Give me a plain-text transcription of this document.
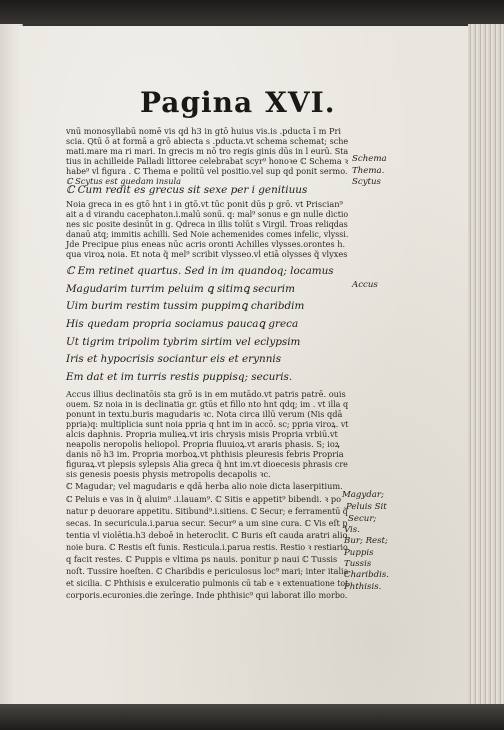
Pagina XVI.
vnū monosyllabū nomē vis qd h3 in gtō huius vis.is .pducta ī m Pri
scia. Qtū ō at formā a grō abiecta s .pducta.vt schema schemat; sche
mati.mare ma ri mari. In grecis m nō tro regis ginis dūs in l eurū. Sta
tius in achilleide Palladi littoree celebrabat scyr⁹ honoꝛe ℂ Schema ꝛ
habe⁹ vl figura . ℂ Thema e politū vel positio.vel sup qd ponit sermo.
ℂ Scytus est quedam insula
ℂ Cum redit es grecus sit sexe per i genitiuus
Noia greca in es gtō hnt i in gtō.vt tūc ponit dūs p grō. vt Priscian⁹
ait a d virandu cacephaton.i.malū sonū. q: mal⁹ sonus e gn nulle dictio
nes sic posite desinūt in g. Qdreca in illis tolūt s Virgil. Troas reliqdas
danaū atq; immitis achilli. Sed Noie achemenides comes infelic, vlyssi.
Jde Precipue pius eneas nūc acris oronti Achilles vlysses.orontes h.
qua viroꝝ noia. Et nota q̃ mel⁹ scribit vlysseo.vl etiā olysses q̃ vlyxes
ℂ Em retinet quartus. Sed in im quandoq; locamus
Magudarim turrim peluim ꝗ sitimꝗ securim
Uim burim restim tussim puppimꝗ charibdim
His quedam propria sociamus paucaꝗ greca
Ut tigrim tripolim tybrim sirtim vel eclypsim
Iris et hypocrisis sociantur eis et erynnis
Em dat et im turris restis puppisq; securis.
Accus illius declinatōis sta grō is in em mutādo.vt patris patrē. ouis
ouem. Sz noia in is declinatia gr. gtūs et fillo nto hnt qdq; im . vt illa q
ponunt in textu.buris magudaris ꝛc. Nota circa illū verum (Nis qdā
ppria)q: multiplicia sunt noia ppria q hnt im in accō. sc; ppria viroꝝ. vt
alcis daphnis. Propria mulieꝝ.vt iris chrysis misis Propria vrbiū.vt
neapolis neropolis heliopol. Propria fluuioꝝ.vt araris phasis. S; ioꝝ
danis nō h3 im. Propria morboꝝ.vt phthisis pleuresis febris Propria
figuraꝝ.vt plepsis sylepsis Alia greca q̃ hnt im.vt dioecesis phrasis cre
sis genesis poesis physis metropolis decapolis ꝛc.
ℂ Magudar; vel magudaris e qdā herba alio noie dicta laserpitium.
ℂ Peluis e vas in q̃ aluim⁹ .i.lauam⁹. ℂ Sitis e appetit⁹ bibendi. ꝛ po
natur p deuorare appetitu. Sitibund⁹.i.sitiens. ℂ Secur; e ferramentū q̃
secas. In securicula.i.parua secur. Secur⁹ a um sine cura. ℂ Vis eſt p
tentia vl violētia.h3 deboē in heteroclit. ℂ Buris eſt cauda aratri alio
noie bura. ℂ Restis eſt funis. Resticula.i.parua restis. Restio ꝛ restiario
q facit restes. ℂ Puppis e vltima ps nauis. ponitur p naui ℂ Tussis
noſt. Tussire hoeſten. ℂ Charibdis e periculosus loc⁹ mari; inter italia
et sicilia. ℂ Phthisis e exulceratio pulmonis cū tab e ꝛ extenuatione tot
corporis.ecuronies.die zerīnge. Inde phthisic⁹ qui laborat illo morbo.
Schema
Thema.
Scytus
Accus
Magydar;
Peluis Sit
Secur;
Vis.
Bur; Rest;
Puppis
Tussis
Charibdis.
Phthisis.
